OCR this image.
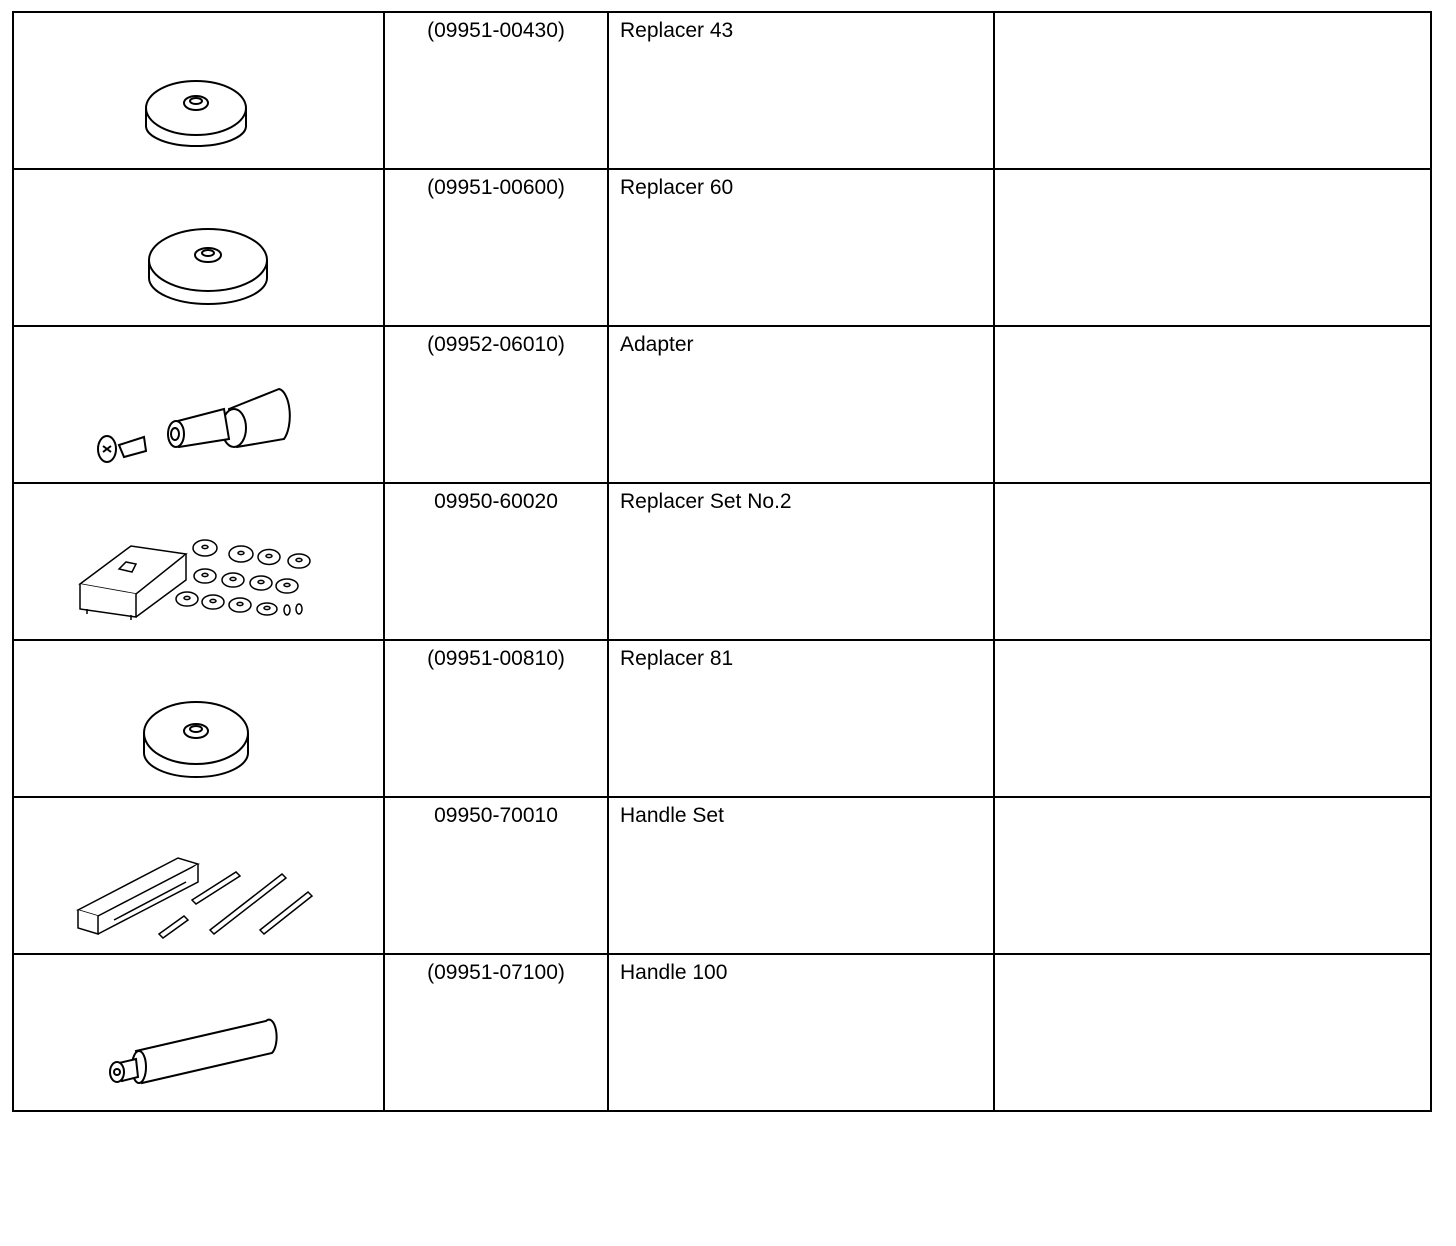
	(09951-00430)	Replacer 43	

	(09951-00600)	Replacer 60	

	(09952-06010)	Adapter	

	09950-60020	Replacer Set No.2	

	(09951-00810)	Replacer 81	

	09950-70010	Handle Set	

	(09951-07100)	Handle 100	
